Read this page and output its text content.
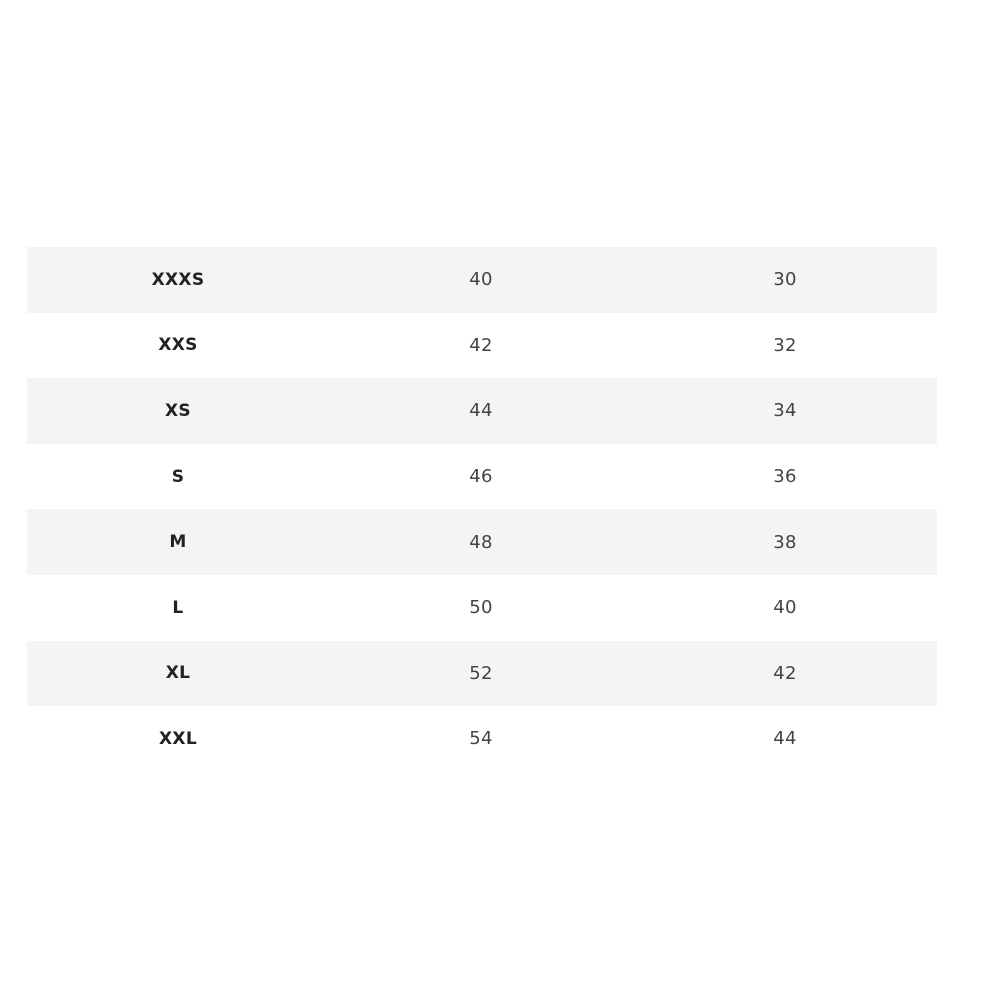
XXXS	40	30
XXS	42	32
XS	44	34
S	46	36
M	48	38
L	50	40
XL	52	42
XXL	54	44
